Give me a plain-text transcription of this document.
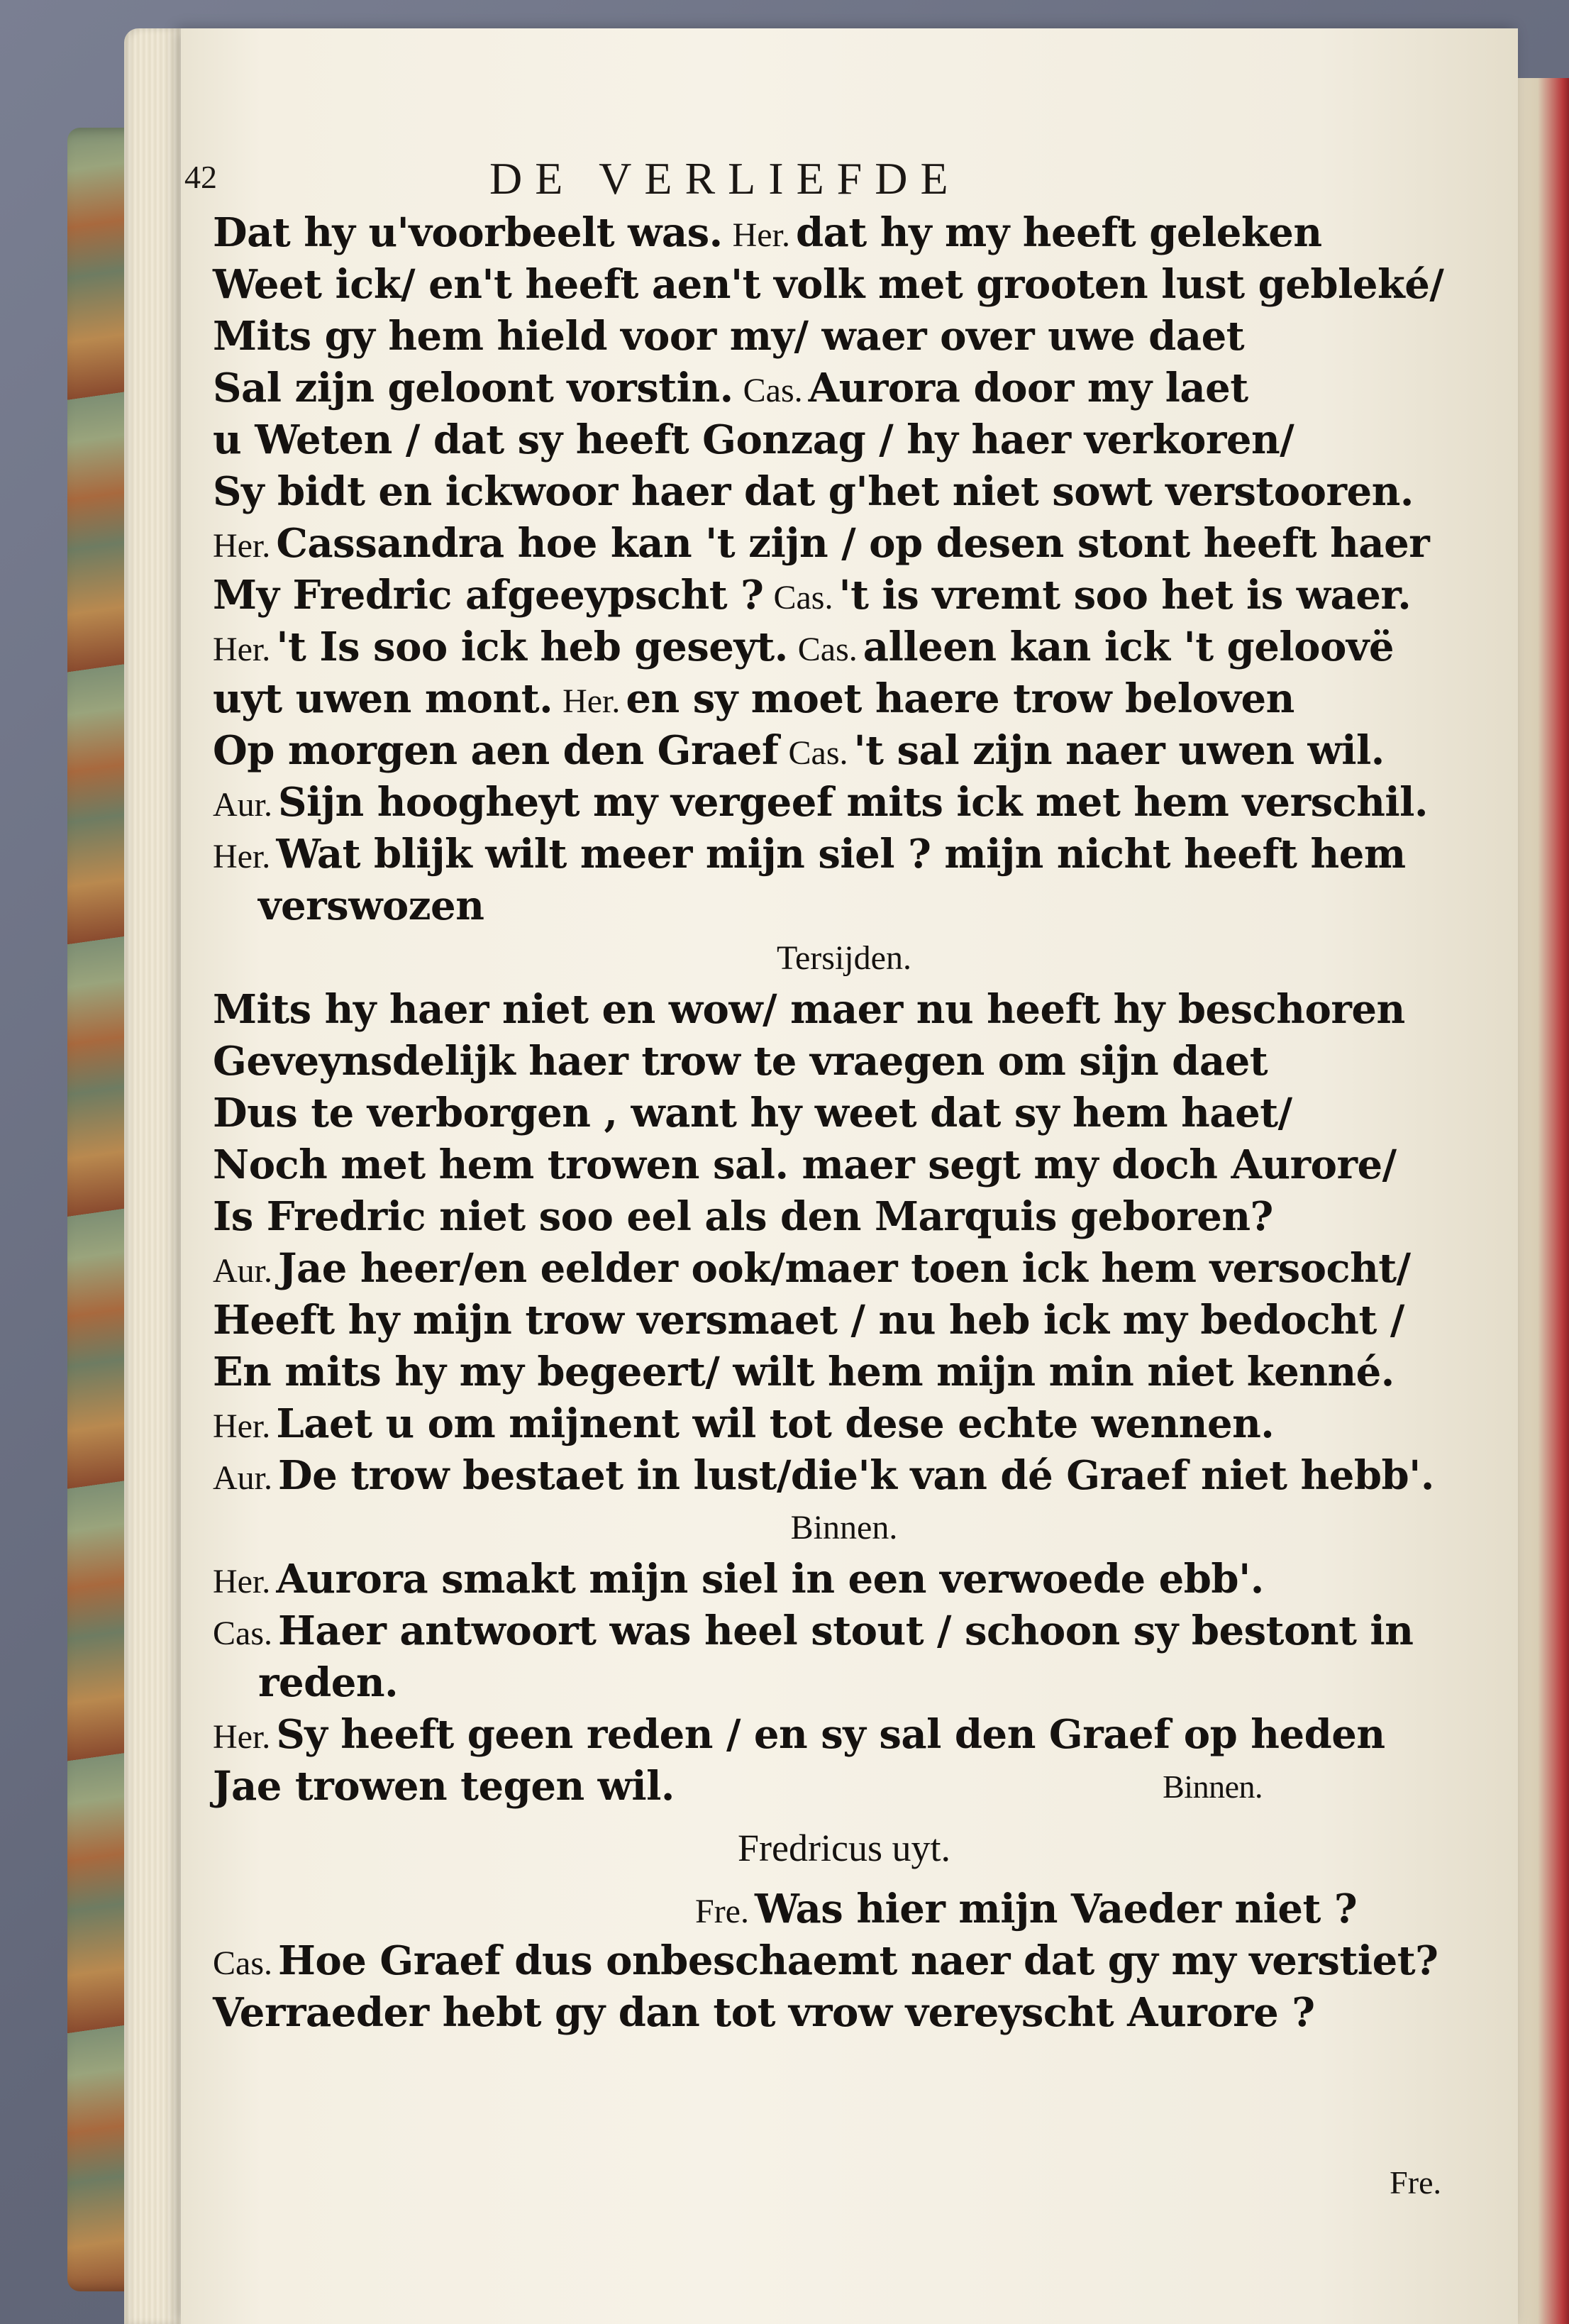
42	DE VERLIEFDE
Dat hy u'voorbeelt was. Her. dat hy my heeft geleken
Weet ick/ en't heeft aen't volk met grooten lust gebleké/
Mits gy hem hield voor my/ waer over uwe daet
Sal zijn geloont vorstin. Cas. Aurora door my laet
u Weten / dat sy heeft Gonzag / hy haer verkoren/
Sy bidt en ickwoor haer dat g'het niet sowt verstooren.
Her. Cassandra hoe kan 't zijn / op desen stont heeft haer
My Fredric afgeeypscht ? Cas. 't is vremt soo het is waer.
Her. 't Is soo ick heb geseyt. Cas. alleen kan ick 't geloovë
uyt uwen mont. Her. en sy moet haere trow beloven
Op morgen aen den Graef Cas. 't sal zijn naer uwen wil.
Aur. Sijn hoogheyt my vergeef mits ick met hem verschil.
Her. Wat blijk wilt meer mijn siel ? mijn nicht heeft hem
verswozen
Tersijden.
Mits hy haer niet en wow/ maer nu heeft hy beschoren
Geveynsdelijk haer trow te vraegen om sijn daet
Dus te verborgen , want hy weet dat sy hem haet/
Noch met hem trowen sal. maer segt my doch Aurore/
Is Fredric niet soo eel als den Marquis geboren?
Aur. Jae heer/en eelder ook/maer toen ick hem versocht/
Heeft hy mijn trow versmaet / nu heb ick my bedocht /
En mits hy my begeert/ wilt hem mijn min niet kenné.
Her. Laet u om mijnent wil tot dese echte wennen.
Aur. De trow bestaet in lust/die'k van dé Graef niet hebb'.
Binnen.
Her. Aurora smakt mijn siel in een verwoede ebb'.
Cas. Haer antwoort was heel stout / schoon sy bestont in
reden.
Her. Sy heeft geen reden / en sy sal den Graef op heden
Jae trowen tegen wil.	Binnen.
Fredricus uyt.
Fre. Was hier mijn Vaeder niet ?
Cas. Hoe Graef dus onbeschaemt naer dat gy my verstiet?
Verraeder hebt gy dan tot vrow vereyscht Aurore ?
Fre.
